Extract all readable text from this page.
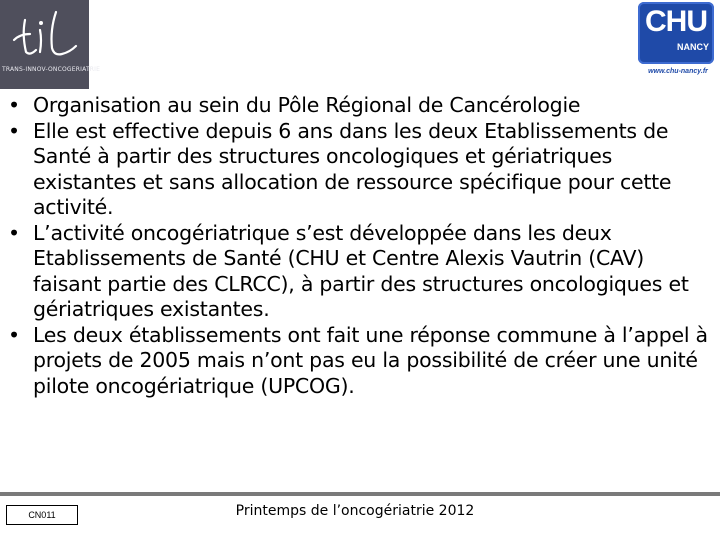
TRANS-INNOV-ONCOGERIATRIE
CHU
NANCY
www.chu-nancy.fr
• Organisation au sein du Pôle Régional de Cancérologie
• Elle est effective depuis 6 ans dans les deux Etablissements de Santé à partir des structures oncologiques et gériatriques existantes et sans allocation de ressource spécifique pour cette activité.
• L’activité oncogériatrique s’est développée dans les deux Etablissements de Santé (CHU et Centre Alexis Vautrin (CAV) faisant partie des CLRCC), à partir des structures oncologiques et gériatriques existantes.
• Les deux établissements ont fait une réponse commune à l’appel à projets de 2005 mais n’ont pas eu la possibilité de créer une unité pilote oncogériatrique (UPCOG).
CN011	Printemps de l’oncogériatrie 2012
